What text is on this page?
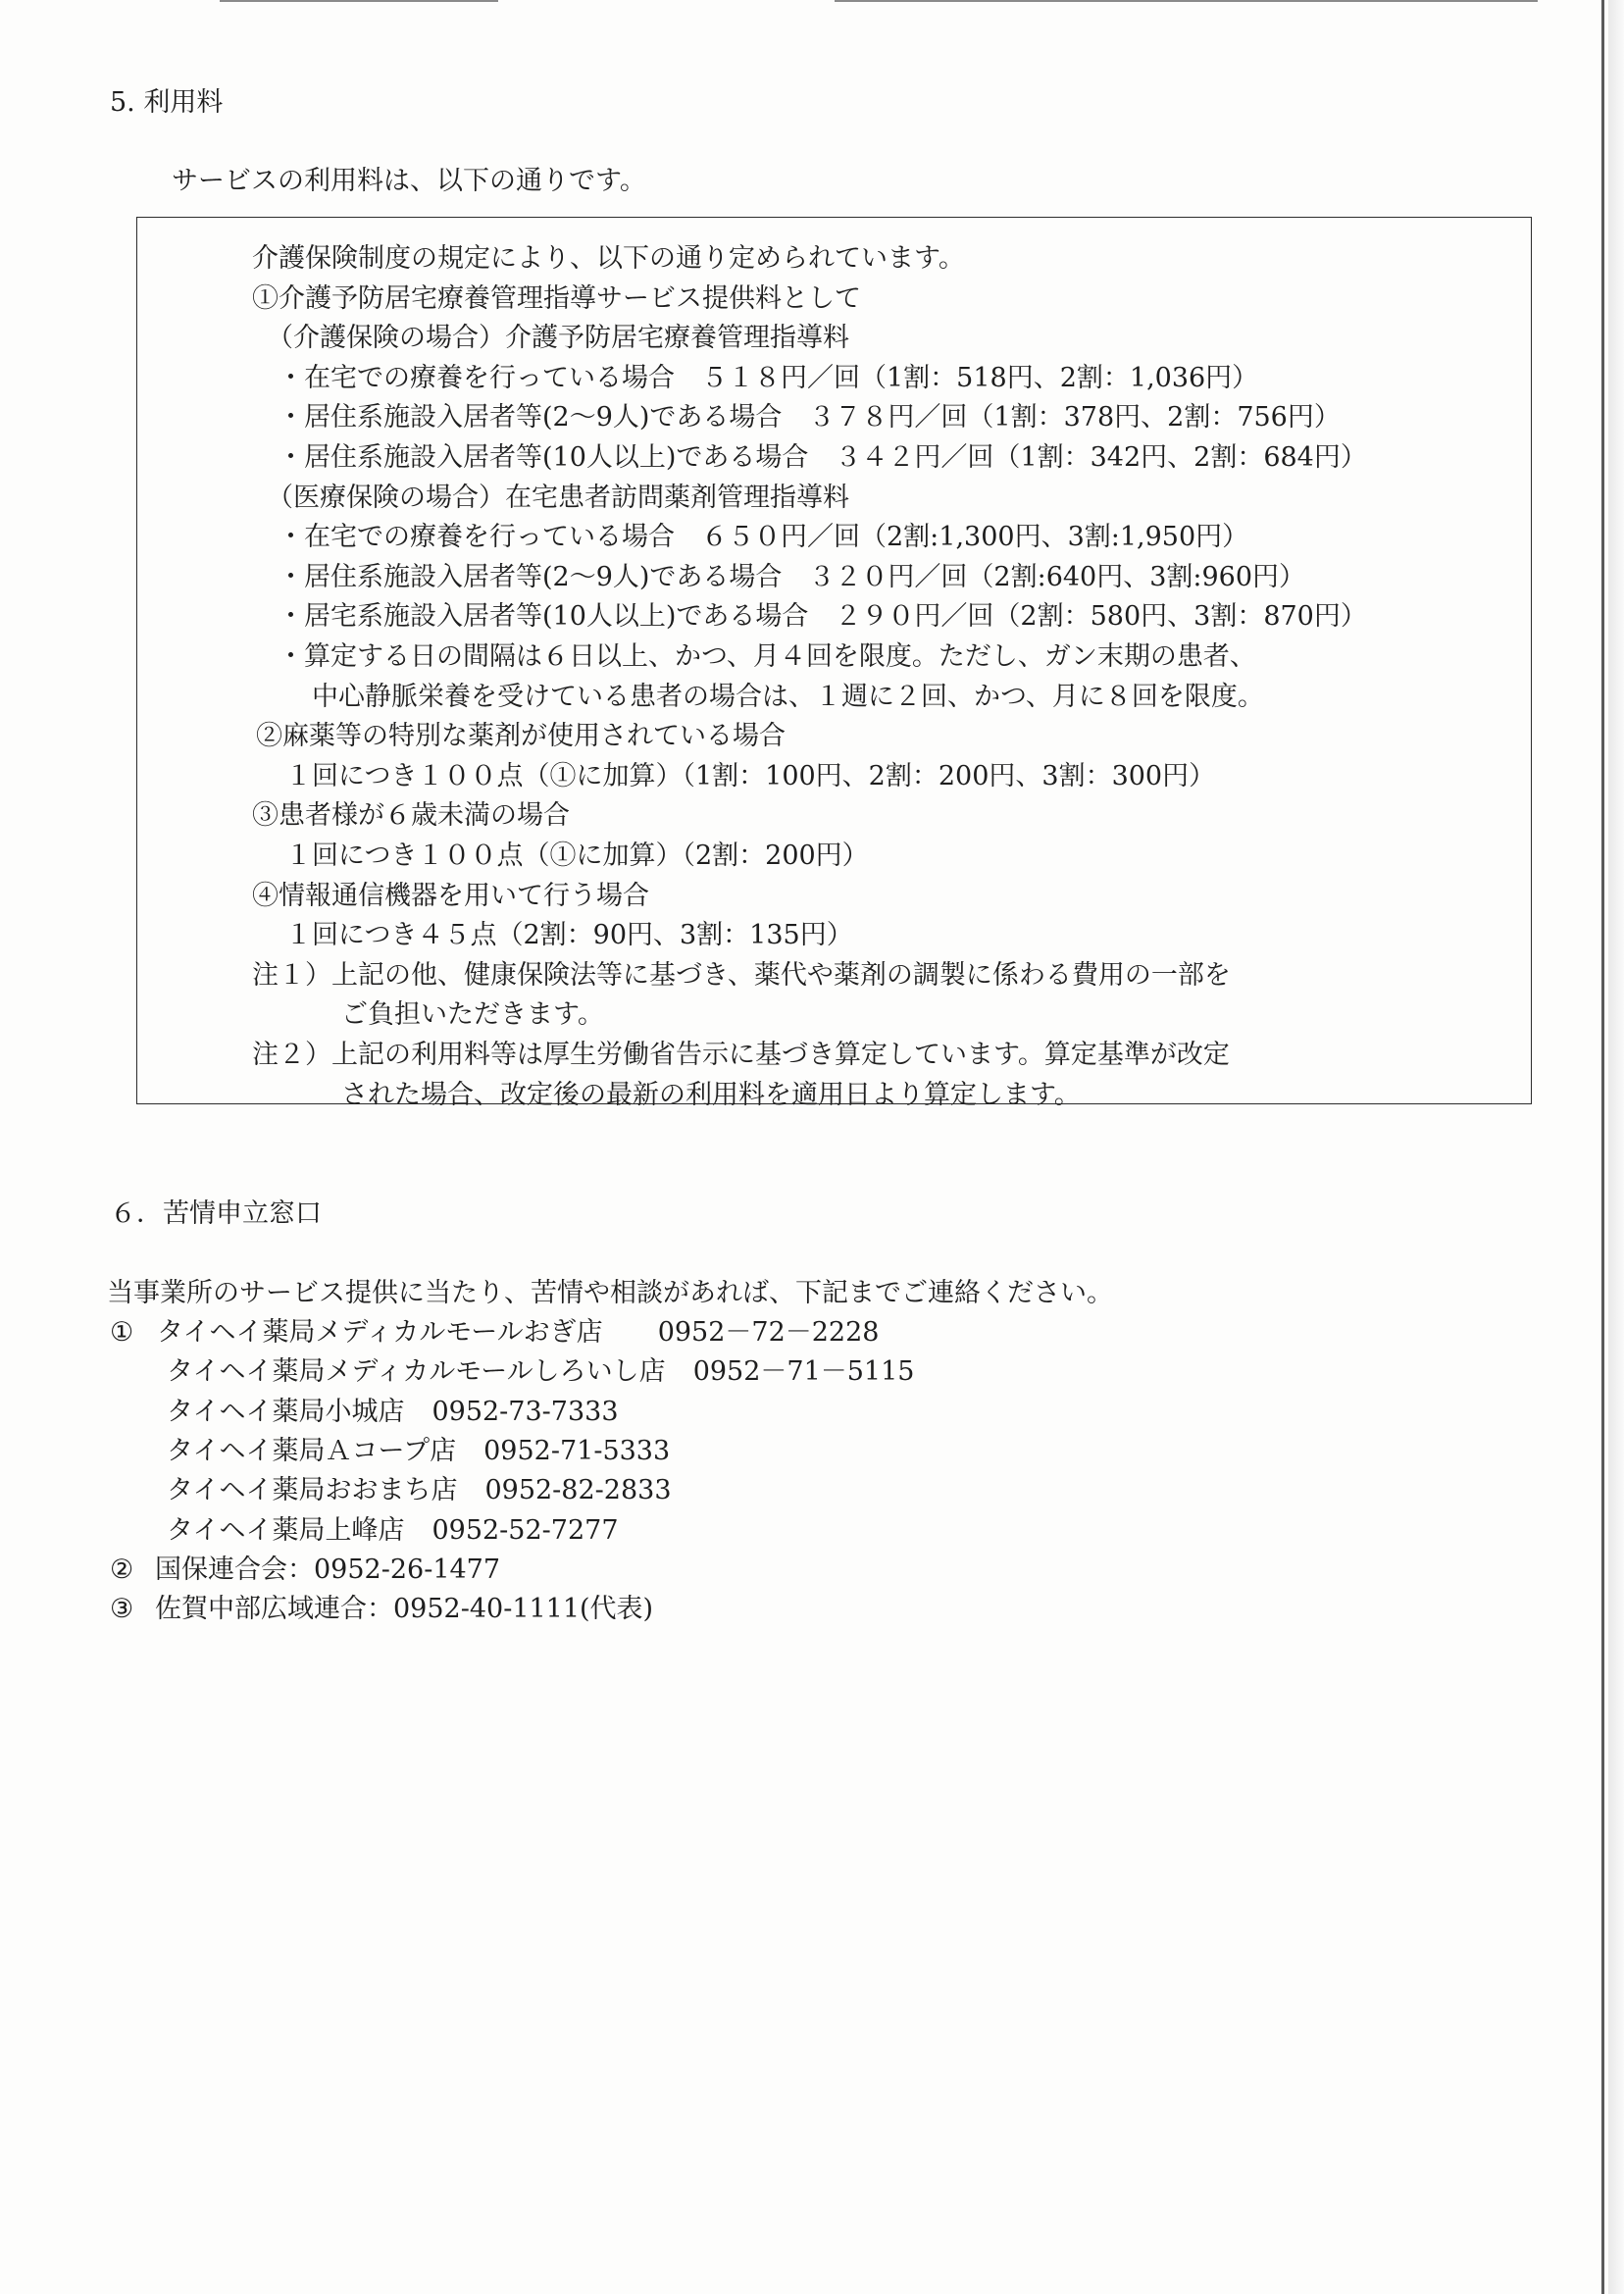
5. 利用料
サービスの利用料は、以下の通りです。
介護保険制度の規定により、以下の通り定められています。
①介護予防居宅療養管理指導サービス提供料として
（介護保険の場合）介護予防居宅療養管理指導料
・在宅での療養を行っている場合　５１８円／回（1割：518円、2割：1,036円）
・居住系施設入居者等(2～9人)である場合　３７８円／回（1割：378円、2割：756円）
・居住系施設入居者等(10人以上)である場合　３４２円／回（1割：342円、2割：684円）
（医療保険の場合）在宅患者訪問薬剤管理指導料
・在宅での療養を行っている場合　６５０円／回（2割:1,300円、3割:1,950円）
・居住系施設入居者等(2～9人)である場合　３２０円／回（2割:640円、3割:960円）
・居宅系施設入居者等(10人以上)である場合　２９０円／回（2割：580円、3割：870円）
・算定する日の間隔は６日以上、かつ、月４回を限度。ただし、ガン末期の患者、
中心静脈栄養を受けている患者の場合は、１週に２回、かつ、月に８回を限度。
②麻薬等の特別な薬剤が使用されている場合
１回につき１００点（①に加算）（1割：100円、2割：200円、3割：300円）
③患者様が６歳未満の場合
１回につき１００点（①に加算）（2割：200円）
④情報通信機器を用いて行う場合
１回につき４５点（2割：90円、3割：135円）
注１）上記の他、健康保険法等に基づき、薬代や薬剤の調製に係わる費用の一部を
ご負担いただきます。
注２）上記の利用料等は厚生労働省告示に基づき算定しています。算定基準が改定
された場合、改定後の最新の利用料を適用日より算定します。
６．苦情申立窓口
当事業所のサービス提供に当たり、苦情や相談があれば、下記までご連絡ください。
① タイヘイ薬局メディカルモールおぎ店 0952－72－2228
タイヘイ薬局メディカルモールしろいし店 0952－71－5115
タイヘイ薬局小城店 0952-73-7333
タイヘイ薬局Ａコープ店 0952-71-5333
タイヘイ薬局おおまち店 0952-82-2833
タイヘイ薬局上峰店 0952-52-7277
② 国保連合会：0952-26-1477
③ 佐賀中部広域連合：0952-40-1111(代表)
